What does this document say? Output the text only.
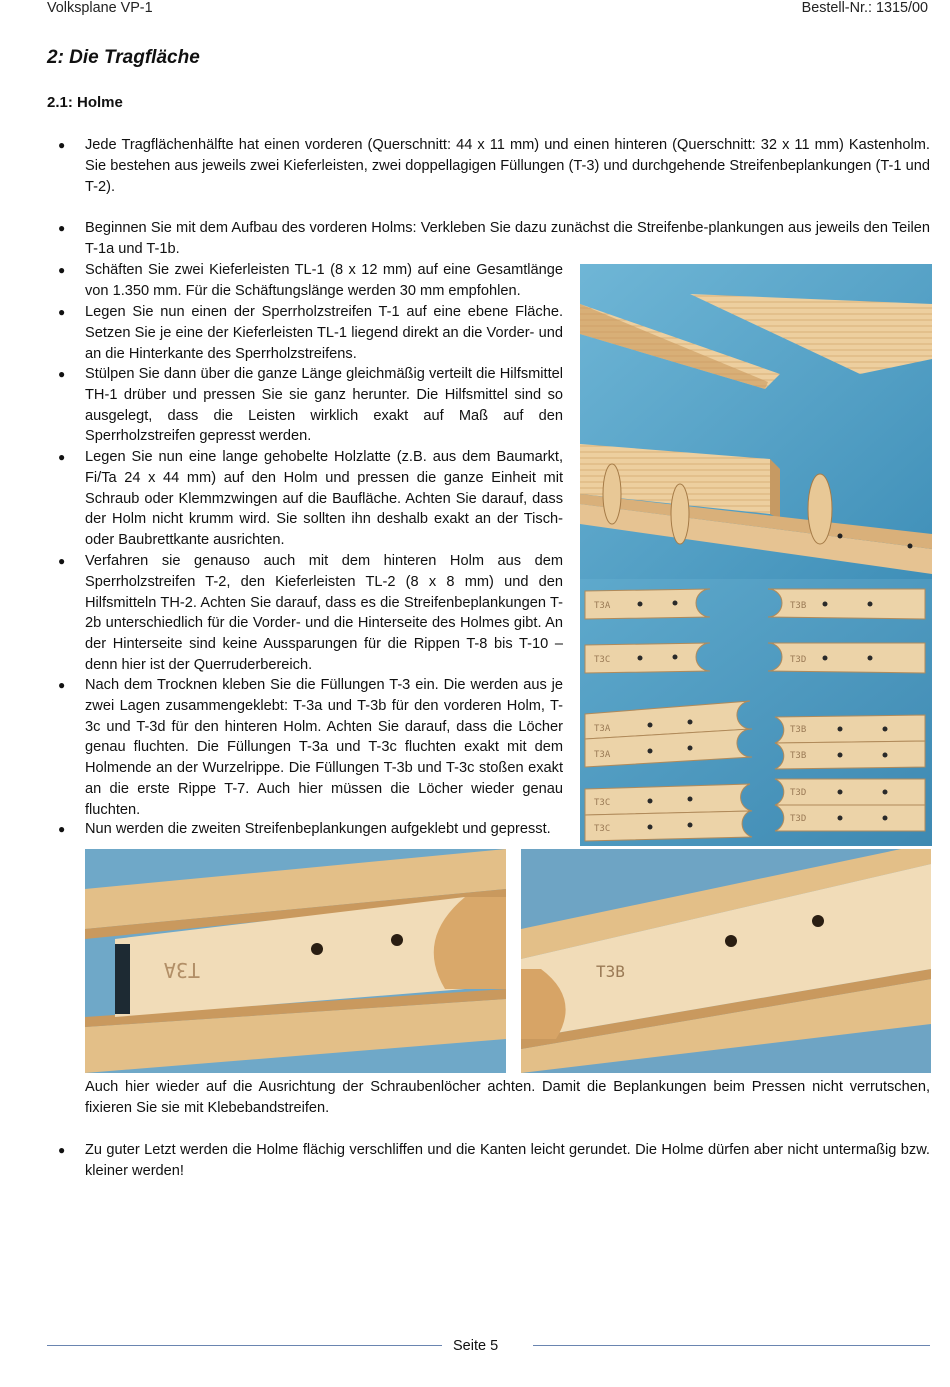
Volksplane VP-1	Bestell-Nr.: 1315/00
2: Die Tragfläche
2.1: Holme
● Jede Tragflächenhälfte hat einen vorderen (Querschnitt: 44 x 11 mm) und einen hinteren (Querschnitt: 32 x 11 mm) Kastenholm. Sie bestehen aus jeweils zwei Kieferleisten, zwei doppellagigen Füllungen (T-3) und durchgehende Streifenbeplankungen (T-1 und T-2).

● Beginnen Sie mit dem Aufbau des vorderen Holms: Verkleben Sie dazu zunächst die Streifenbe-plankungen aus jeweils den Teilen T-1a und T-1b.

● Schäften Sie zwei Kieferleisten TL-1 (8 x 12 mm) auf eine Gesamtlänge von 1.350 mm. Für die Schäftungslänge werden 30 mm empfohlen.

● Legen Sie nun einen der Sperrholzstreifen T-1 auf eine ebene Fläche. Setzen Sie je eine der Kieferleisten TL-1 liegend direkt an die Vorder- und an die Hinterkante des Sperrholzstreifens.

● Stülpen Sie dann über die ganze Länge gleichmäßig verteilt die Hilfsmittel TH-1 drüber und pressen Sie sie ganz herunter. Die Hilfsmittel sind so ausgelegt, dass die Leisten wirklich exakt auf Maß auf den Sperrholzstreifen gepresst werden.

● Legen Sie nun eine lange gehobelte Holzlatte (z.B. aus dem Baumarkt, Fi/Ta 24 x 44 mm) auf den Holm und pressen die ganze Einheit mit Schraub oder Klemmzwingen auf die Baufläche. Achten Sie darauf, dass der Holm nicht krumm wird. Sie sollten ihn deshalb exakt an der Tisch- oder Baubrettkante ausrichten.

● Verfahren sie genauso auch mit dem hinteren Holm aus dem Sperrholzstreifen T-2, den Kieferleisten TL-2 (8 x 8 mm) und den Hilfsmitteln TH-2. Achten Sie darauf, dass es die Streifenbeplankungen T-2b unterschiedlich für die Vorder- und die Hinterseite des Holmes gibt. An der Hinterseite sind keine Aussparungen für die Rippen T-8 bis T-10 – denn hier ist der Querruderbereich.

● Nach dem Trocknen kleben Sie die Füllungen T-3 ein. Die werden aus je zwei Lagen zusammengeklebt: T-3a und T-3b für den vorderen Holm, T-3c und T-3d für den hinteren Holm. Achten Sie darauf, dass die Löcher genau fluchten. Die Füllungen T-3a und T-3c fluchten exakt mit dem Holmende an der Wurzelrippe. Die Füllungen T-3b und T-3c stoßen exakt an die erste Rippe T-7. Auch hier müssen die Löcher wieder genau fluchten.

● Nun werden die zweiten Streifenbeplankungen aufgeklebt und gepresst.

T3A	T3B
T3C	T3D
T3A	T3B
T3A	T3B
T3C
T3D
T3C
T3D
T3A	T3B

Auch hier wieder auf die Ausrichtung der Schraubenlöcher achten. Damit die Beplankungen beim Pressen nicht verrutschen, fixieren Sie sie mit Klebebandstreifen.

● Zu guter Letzt werden die Holme flächig verschliffen und die Kanten leicht gerundet. Die Holme dürfen aber nicht untermaßig bzw. kleiner werden!

Seite 5
